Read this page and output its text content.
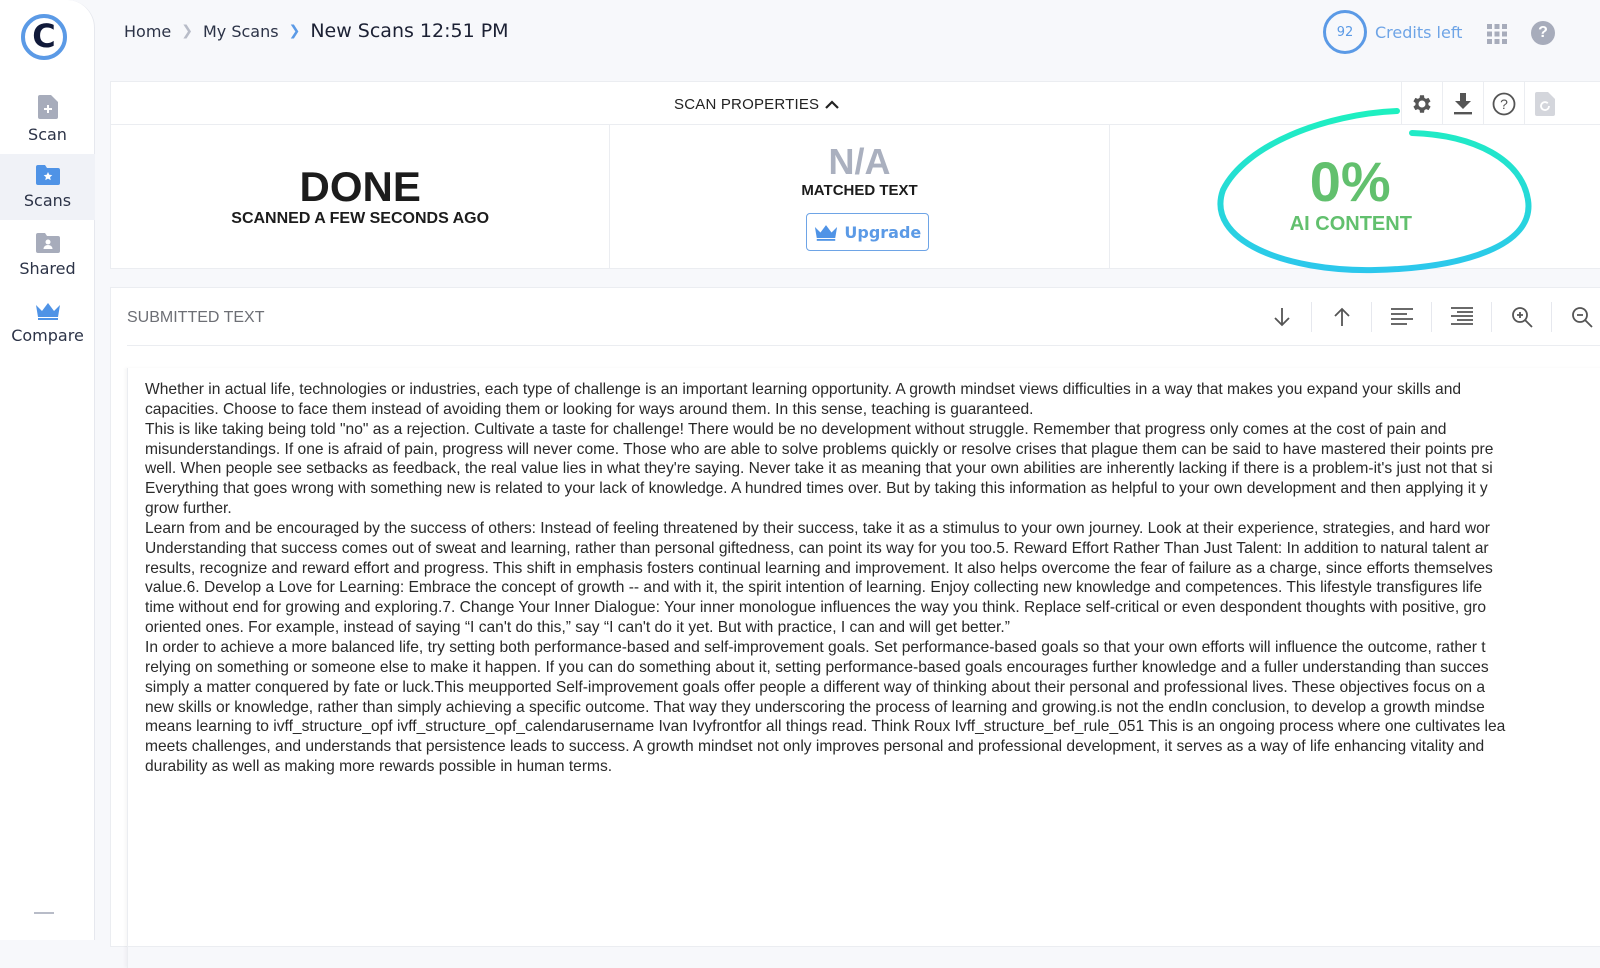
C
Scan
Scans
Shared
Compare
Home ❯ My Scans ❯ New Scans 12:51 PM	92 Credits left	?
SCAN PROPERTIES	?
DONE
SCANNED A FEW SECONDS AGO
N/A
MATCHED TEXT
Upgrade
0%
AI CONTENT
SUBMITTED TEXT

Whether in actual life, technologies or industries, each type of challenge is an important learning opportunity. A growth mindset views difficulties in a way that makes you expand your skills and

capacities. Choose to face them instead of avoiding them or looking for ways around them. In this sense, teaching is guaranteed.

This is like taking being told "no" as a rejection. Cultivate a taste for challenge! There would be no development without struggle. Remember that progress only comes at the cost of pain and

misunderstandings. If one is afraid of pain, progress will never come. Those who are able to solve problems quickly or resolve crises that plague them can be said to have mastered their points pre

well. When people see setbacks as feedback, the real value lies in what they're saying. Never take it as meaning that your own abilities are inherently lacking if there is a problem-it's just not that si

Everything that goes wrong with something new is related to your lack of knowledge. A hundred times over. But by taking this information as helpful to your own development and then applying it y

grow further.

Learn from and be encouraged by the success of others: Instead of feeling threatened by their success, take it as a stimulus to your own journey. Look at their experience, strategies, and hard wor

Understanding that success comes out of sweat and learning, rather than personal giftedness, can point its way for you too.5. Reward Effort Rather Than Just Talent: In addition to natural talent ar

results, recognize and reward effort and progress. This shift in emphasis fosters continual learning and improvement. It also helps overcome the fear of failure as a charge, since efforts themselves

value.6. Develop a Love for Learning: Embrace the concept of growth -- and with it, the spirit intention of learning. Enjoy collecting new knowledge and competences. This lifestyle transfigures life

time without end for growing and exploring.7. Change Your Inner Dialogue: Your inner monologue influences the way you think. Replace self-critical or even despondent thoughts with positive, gro

oriented ones. For example, instead of saying “I can't do this,” say “I can't do it yet. But with practice, I can and will get better.”

In order to achieve a more balanced life, try setting both performance-based and self-improvement goals. Set performance-based goals so that your own efforts will influence the outcome, rather t

relying on something or someone else to make it happen. If you can do something about it, setting performance-based goals encourages further knowledge and a fuller understanding than succes

simply a matter conquered by fate or luck.This meupported Self-improvement goals offer people a different way of thinking about their personal and professional lives. These objectives focus on a

new skills or knowledge, rather than simply achieving a specific outcome. That way they underscoring the process of learning and growing.is not the endIn conclusion, to develop a growth mindse

means learning to ivff_structure_opf ivff_structure_opf_calendarusername Ivan Ivyfrontfor all things read. Think Roux Ivff_structure_bef_rule_051 This is an ongoing process where one cultivates lea

meets challenges, and understands that persistence leads to success. A growth mindset not only improves personal and professional development, it serves as a way of life enhancing vitality and

durability as well as making more rewards possible in human terms.
